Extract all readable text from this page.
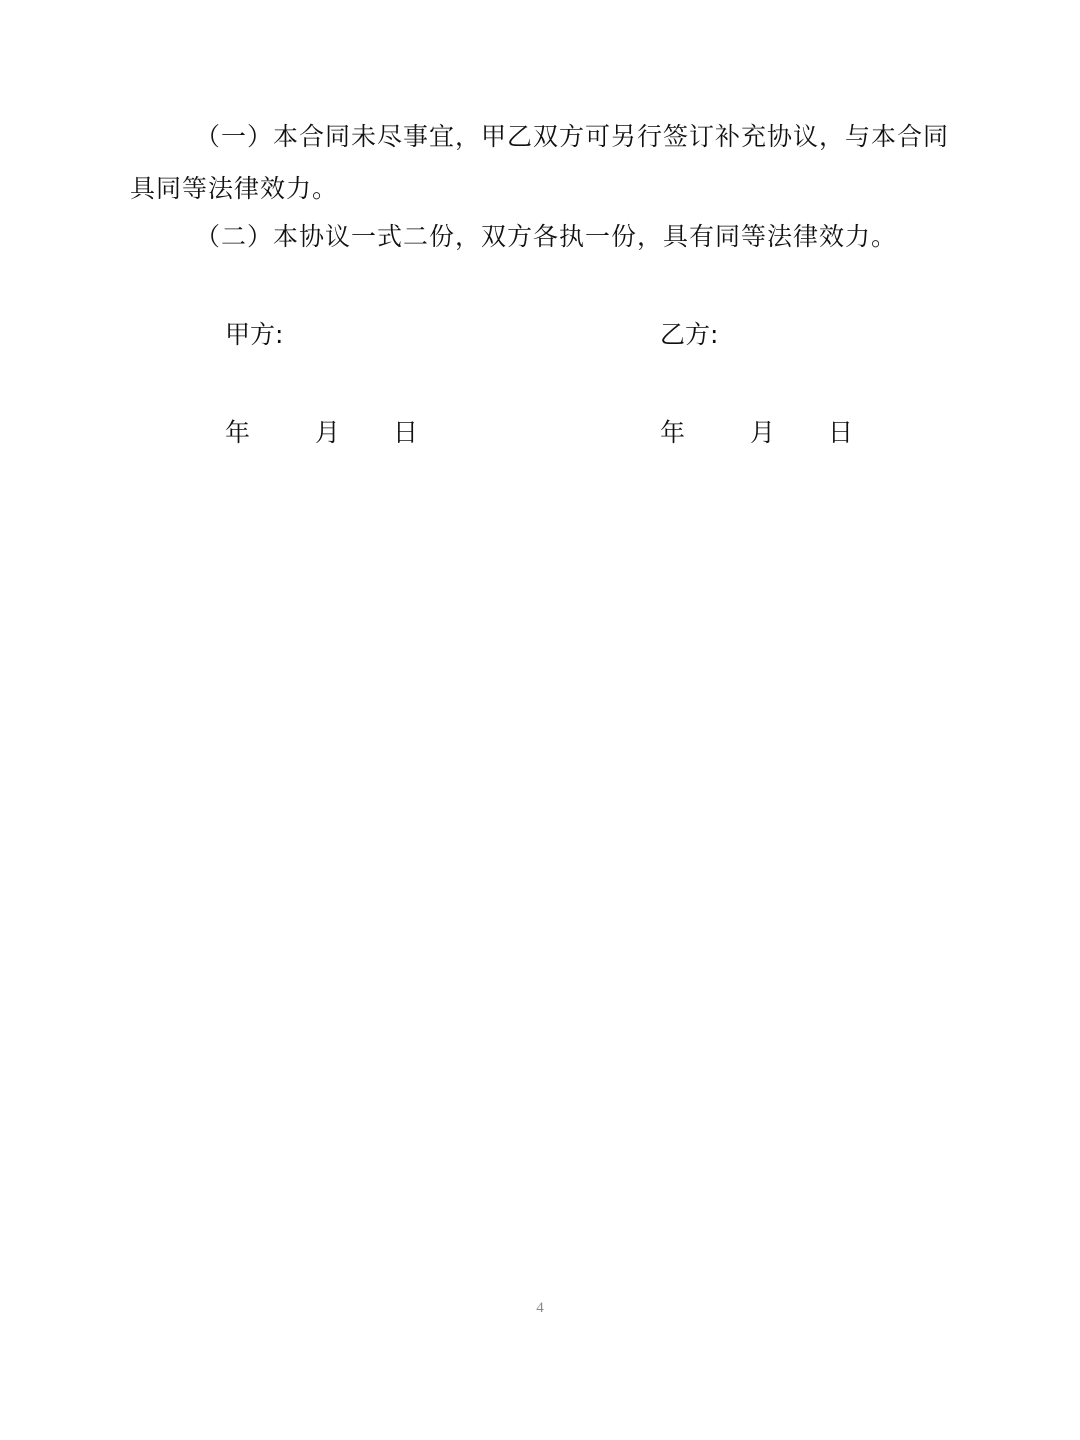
（一）本合同未尽事宜，甲乙双方可另行签订补充协议，与本合同具同等法律效力。

（二）本协议一式二份，双方各执一份，具有同等法律效力。

甲方:	乙方:
年	月	日	年	月	日
4
